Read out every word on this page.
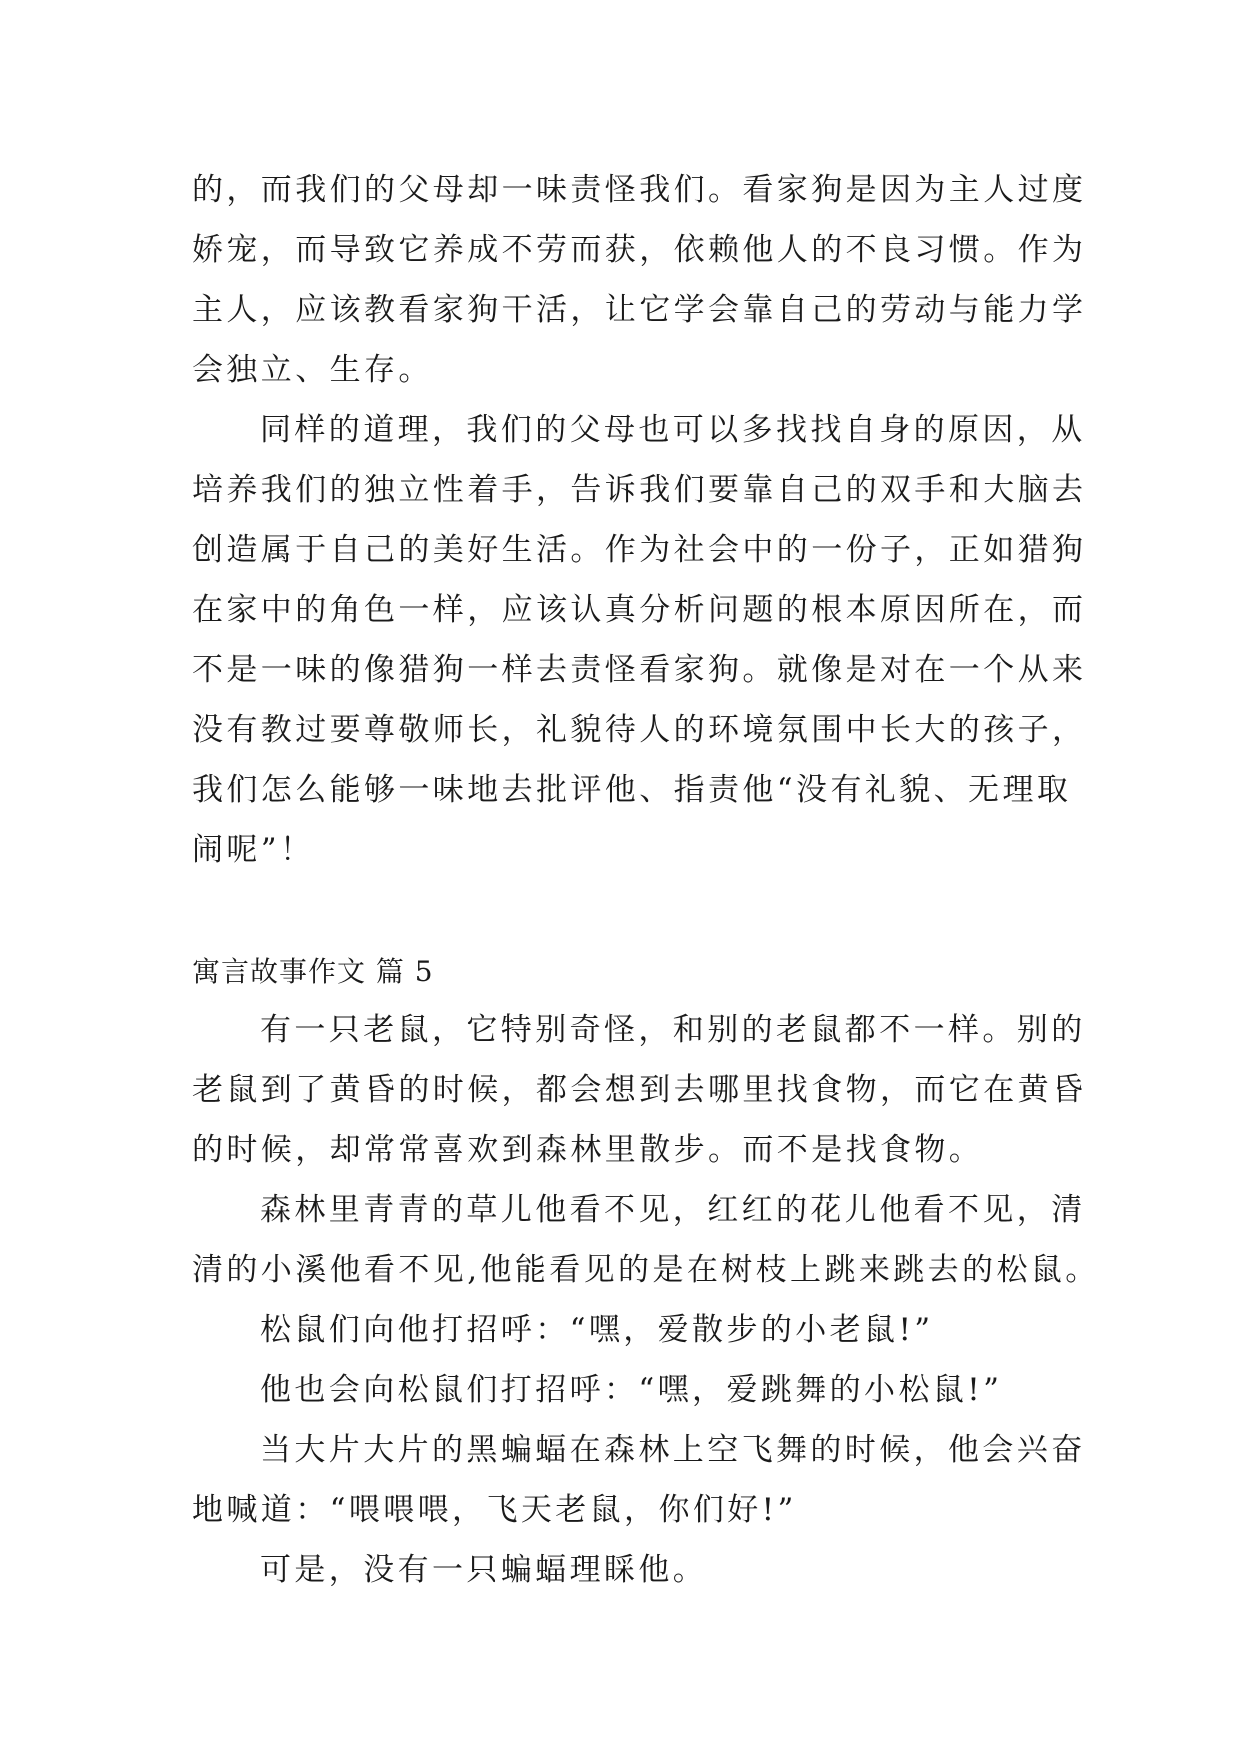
的，而我们的父母却一味责怪我们。看家狗是因为主人过度

娇宠，而导致它养成不劳而获，依赖他人的不良习惯。作为

主人，应该教看家狗干活，让它学会靠自己的劳动与能力学

会独立、生存。

同样的道理，我们的父母也可以多找找自身的原因，从

培养我们的独立性着手，告诉我们要靠自己的双手和大脑去

创造属于自己的美好生活。作为社会中的一份子，正如猎狗

在家中的角色一样，应该认真分析问题的根本原因所在，而

不是一味的像猎狗一样去责怪看家狗。就像是对在一个从来

没有教过要尊敬师长，礼貌待人的环境氛围中长大的孩子，

我们怎么能够一味地去批评他、指责他“没有礼貌、无理取

闹呢”！

寓言故事作文 篇 5

有一只老鼠，它特别奇怪，和别的老鼠都不一样。别的

老鼠到了黄昏的时候，都会想到去哪里找食物，而它在黄昏

的时候，却常常喜欢到森林里散步。而不是找食物。

森林里青青的草儿他看不见，红红的花儿他看不见，清

清的小溪他看不见,他能看见的是在树枝上跳来跳去的松鼠。

松鼠们向他打招呼：“嘿，爱散步的小老鼠!”

他也会向松鼠们打招呼：“嘿，爱跳舞的小松鼠!”

当大片大片的黑蝙蝠在森林上空飞舞的时候，他会兴奋

地喊道：“喂喂喂，飞天老鼠，你们好!”

可是，没有一只蝙蝠理睬他。
